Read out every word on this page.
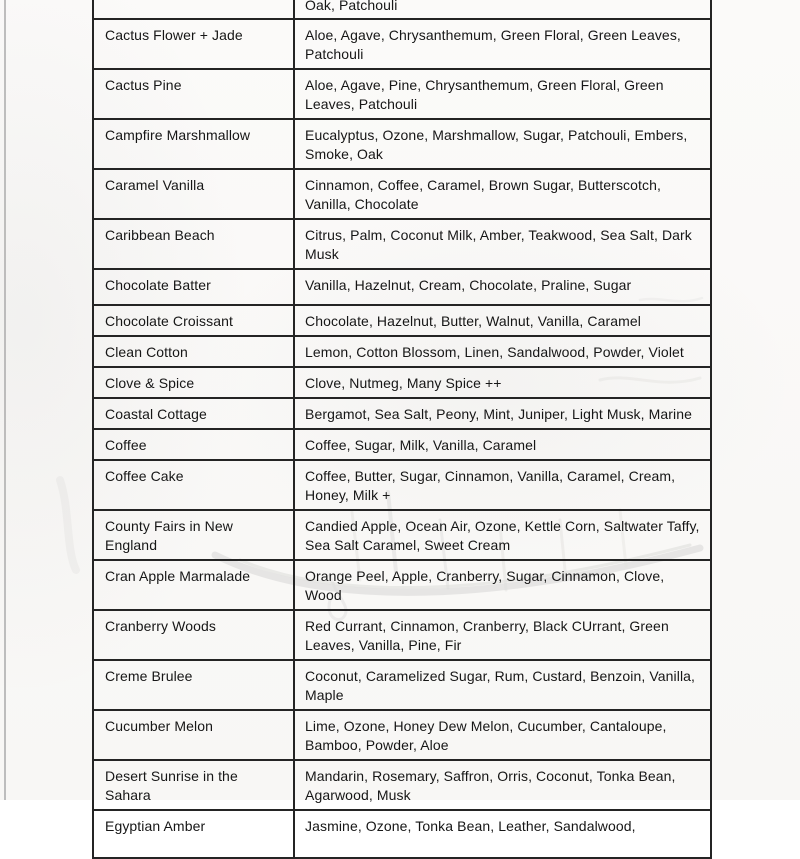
	Oak, Patchouli
Cactus Flower + Jade	Aloe, Agave, Chrysanthemum, Green Floral, Green Leaves, Patchouli
Cactus Pine	Aloe, Agave, Pine, Chrysanthemum, Green Floral, Green Leaves, Patchouli
Campfire Marshmallow	Eucalyptus, Ozone, Marshmallow, Sugar, Patchouli, Embers, Smoke, Oak
Caramel Vanilla	Cinnamon, Coffee, Caramel, Brown Sugar, Butterscotch, Vanilla, Chocolate
Caribbean Beach	Citrus, Palm, Coconut Milk, Amber, Teakwood, Sea Salt, Dark Musk
Chocolate Batter	Vanilla, Hazelnut, Cream, Chocolate, Praline, Sugar
Chocolate Croissant	Chocolate, Hazelnut, Butter, Walnut, Vanilla, Caramel
Clean Cotton	Lemon, Cotton Blossom, Linen, Sandalwood, Powder, Violet
Clove & Spice	Clove, Nutmeg, Many Spice ++
Coastal Cottage	Bergamot, Sea Salt, Peony, Mint, Juniper, Light Musk, Marine
Coffee	Coffee, Sugar, Milk, Vanilla, Caramel
Coffee Cake	Coffee, Butter, Sugar, Cinnamon, Vanilla, Caramel, Cream, Honey, Milk +
County Fairs in New England	Candied Apple, Ocean Air, Ozone, Kettle Corn, Saltwater Taffy, Sea Salt Caramel, Sweet Cream
Cran Apple Marmalade	Orange Peel, Apple, Cranberry, Sugar, Cinnamon, Clove, Wood
Cranberry Woods	Red Currant, Cinnamon, Cranberry, Black CUrrant, Green Leaves, Vanilla, Pine, Fir
Creme Brulee	Coconut, Caramelized Sugar, Rum, Custard, Benzoin, Vanilla, Maple
Cucumber Melon	Lime, Ozone, Honey Dew Melon, Cucumber, Cantaloupe, Bamboo, Powder, Aloe
Desert Sunrise in the Sahara	Mandarin, Rosemary, Saffron, Orris, Coconut, Tonka Bean, Agarwood, Musk
Egyptian Amber	Jasmine, Ozone, Tonka Bean, Leather, Sandalwood,
